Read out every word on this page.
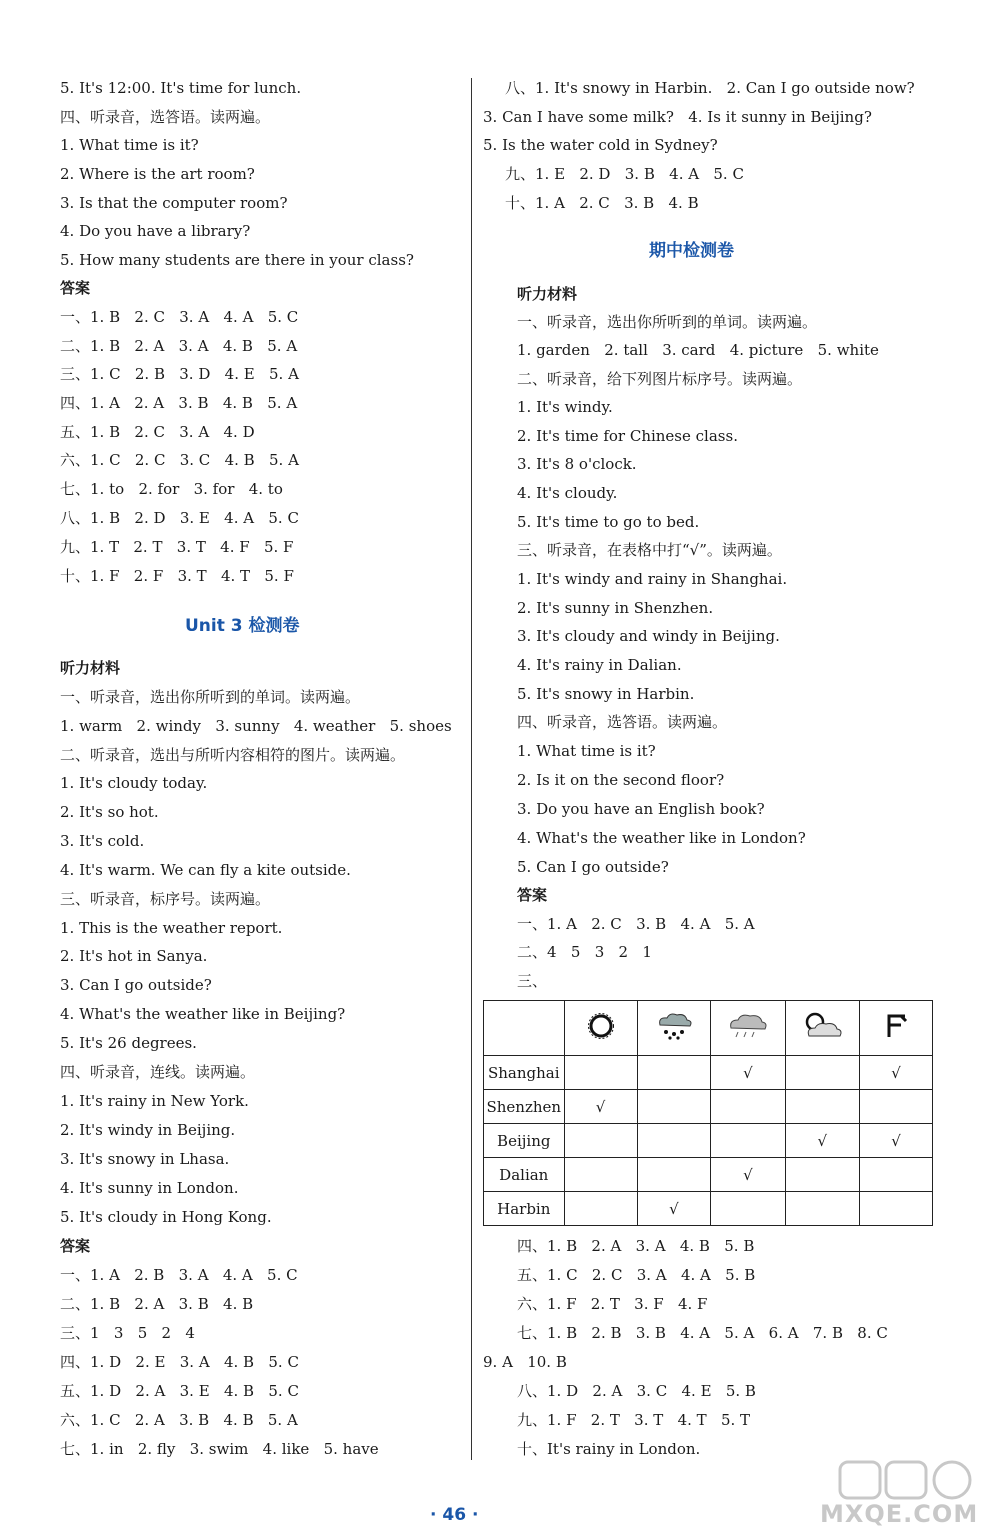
5. It's 12:00. It's time for lunch.
四、听录音，选答语。读两遍。
1. What time is it?
2. Where is the art room?
3. Is that the computer room?
4. Do you have a library?
5. How many students are there in your class?
答案
一、1. B   2. C   3. A   4. A   5. C
二、1. B   2. A   3. A   4. B   5. A
三、1. C   2. B   3. D   4. E   5. A
四、1. A   2. A   3. B   4. B   5. A
五、1. B   2. C   3. A   4. D
六、1. C   2. C   3. C   4. B   5. A
七、1. to   2. for   3. for   4. to
八、1. B   2. D   3. E   4. A   5. C
九、1. T   2. T   3. T   4. F   5. F
十、1. F   2. F   3. T   4. T   5. F
Unit 3 检测卷
听力材料
一、听录音，选出你所听到的单词。读两遍。
1. warm   2. windy   3. sunny   4. weather   5. shoes
二、听录音，选出与所听内容相符的图片。读两遍。
1. It's cloudy today.
2. It's so hot.
3. It's cold.
4. It's warm. We can fly a kite outside.
三、听录音，标序号。读两遍。
1. This is the weather report.
2. It's hot in Sanya.
3. Can I go outside?
4. What's the weather like in Beijing?
5. It's 26 degrees.
四、听录音，连线。读两遍。
1. It's rainy in New York.
2. It's windy in Beijing.
3. It's snowy in Lhasa.
4. It's sunny in London.
5. It's cloudy in Hong Kong.
答案
一、1. A   2. B   3. A   4. A   5. C
二、1. B   2. A   3. B   4. B
三、1   3   5   2   4
四、1. D   2. E   3. A   4. B   5. C
五、1. D   2. A   3. E   4. B   5. C
六、1. C   2. A   3. B   4. B   5. A
七、1. in   2. fly   3. swim   4. like   5. have
八、1. It's snowy in Harbin.   2. Can I go outside now?
3. Can I have some milk?   4. Is it sunny in Beijing?
5. Is the water cold in Sydney?
九、1. E   2. D   3. B   4. A   5. C
十、1. A   2. C   3. B   4. B
期中检测卷
听力材料
一、听录音，选出你所听到的单词。读两遍。
1. garden   2. tall   3. card   4. picture   5. white
二、听录音，给下列图片标序号。读两遍。
1. It's windy.
2. It's time for Chinese class.
3. It's 8 o'clock.
4. It's cloudy.
5. It's time to go to bed.
三、听录音，在表格中打“√”。读两遍。
1. It's windy and rainy in Shanghai.
2. It's sunny in Shenzhen.
3. It's cloudy and windy in Beijing.
4. It's rainy in Dalian.
5. It's snowy in Harbin.
四、听录音，选答语。读两遍。
1. What time is it?
2. Is it on the second floor?
3. Do you have an English book?
4. What's the weather like in London?
5. Can I go outside?
答案
一、1. A   2. C   3. B   4. A   5. A
二、4   5   3   2   1
三、

Shanghai			√		√
Shenzhen	√				
Beijing				√	√
Dalian			√		
Harbin		√			
四、1. B   2. A   3. A   4. B   5. B
五、1. C   2. C   3. A   4. A   5. B
六、1. F   2. T   3. F   4. F
七、1. B   2. B   3. B   4. A   5. A   6. A   7. B   8. C
9. A   10. B
八、1. D   2. A   3. C   4. E   5. B
九、1. F   2. T   3. T   4. T   5. T
十、It's rainy in London.
· 46 ·	MXQE.COM
